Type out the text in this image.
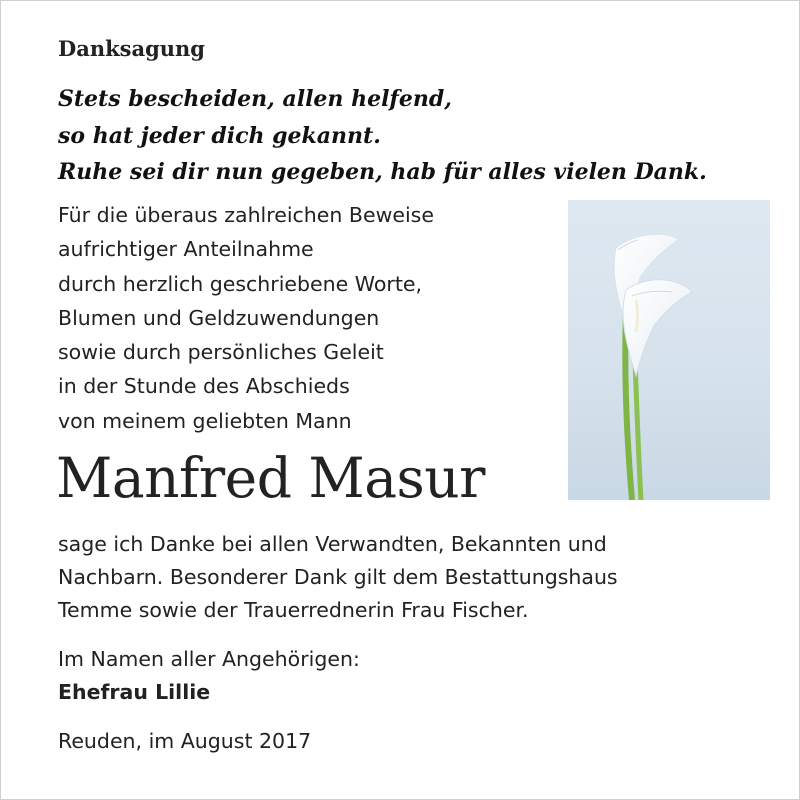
Danksagung
Stets bescheiden, allen helfend,
so hat jeder dich gekannt.
Ruhe sei dir nun gegeben, hab für alles vielen Dank.
Für die überaus zahlreichen Beweise
aufrichtiger Anteilnahme
durch herzlich geschriebene Worte,
Blumen und Geldzuwendungen
sowie durch persönliches Geleit
in der Stunde des Abschieds
von meinem geliebten Mann
Manfred Masur
sage ich Danke bei allen Verwandten, Bekannten und
Nachbarn. Besonderer Dank gilt dem Bestattungshaus
Temme sowie der Trauerrednerin Frau Fischer.
Im Namen aller Angehörigen:
Ehefrau Lillie
Reuden, im August 2017
